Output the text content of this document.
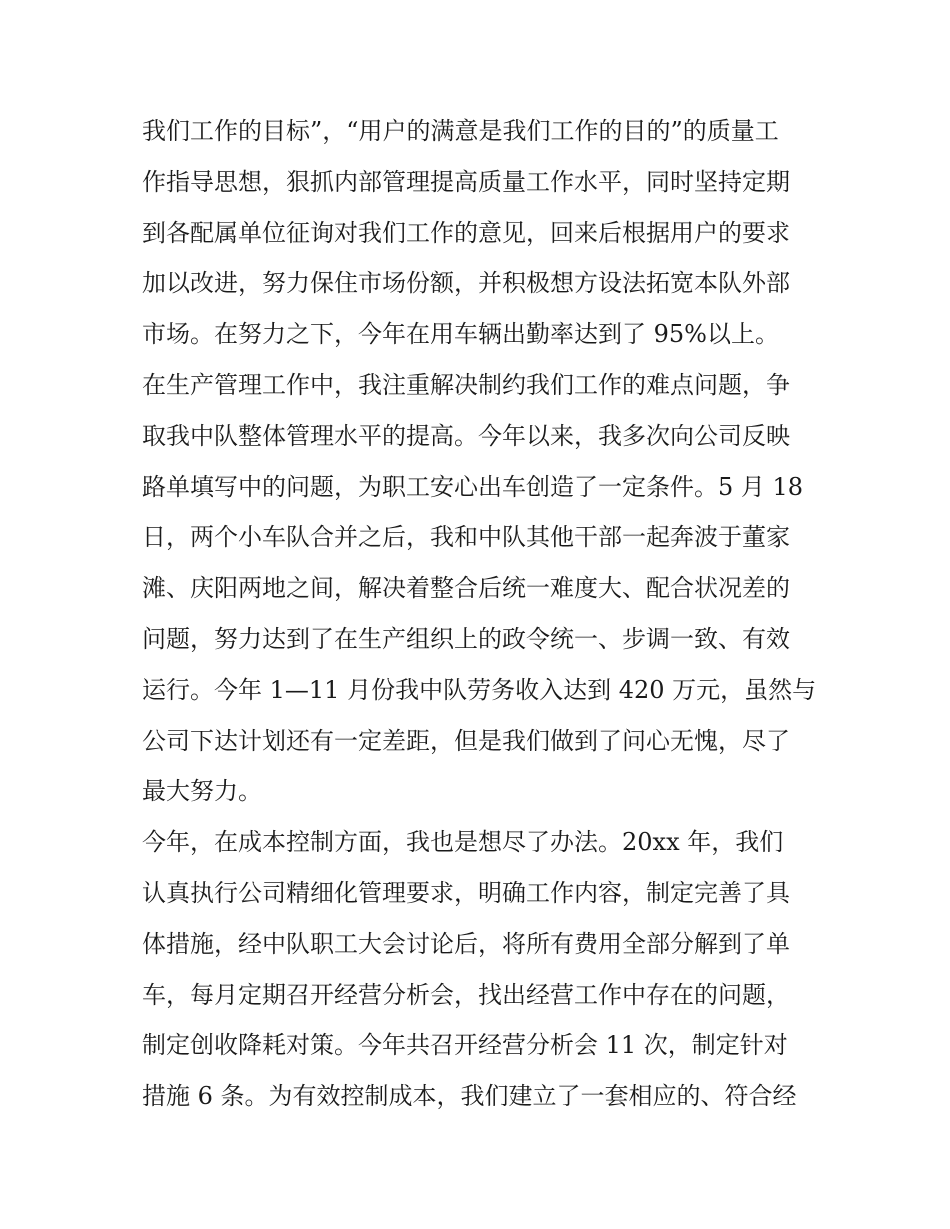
我们工作的目标”，“用户的满意是我们工作的目的”的质量工
作指导思想，狠抓内部管理提高质量工作水平，同时坚持定期
到各配属单位征询对我们工作的意见，回来后根据用户的要求
加以改进，努力保住市场份额，并积极想方设法拓宽本队外部
市场。在努力之下，今年在用车辆出勤率达到了 95%以上。
在生产管理工作中，我注重解决制约我们工作的难点问题，争
取我中队整体管理水平的提高。今年以来，我多次向公司反映
路单填写中的问题，为职工安心出车创造了一定条件。5 月 18
日，两个小车队合并之后，我和中队其他干部一起奔波于董家
滩、庆阳两地之间，解决着整合后统一难度大、配合状况差的
问题，努力达到了在生产组织上的政令统一、步调一致、有效
运行。今年 1—11 月份我中队劳务收入达到 420 万元，虽然与
公司下达计划还有一定差距，但是我们做到了问心无愧，尽了
最大努力。
今年，在成本控制方面，我也是想尽了办法。20xx 年，我们
认真执行公司精细化管理要求，明确工作内容，制定完善了具
体措施，经中队职工大会讨论后，将所有费用全部分解到了单
车，每月定期召开经营分析会，找出经营工作中存在的问题，
制定创收降耗对策。今年共召开经营分析会 11 次，制定针对
措施 6 条。为有效控制成本，我们建立了一套相应的、符合经
